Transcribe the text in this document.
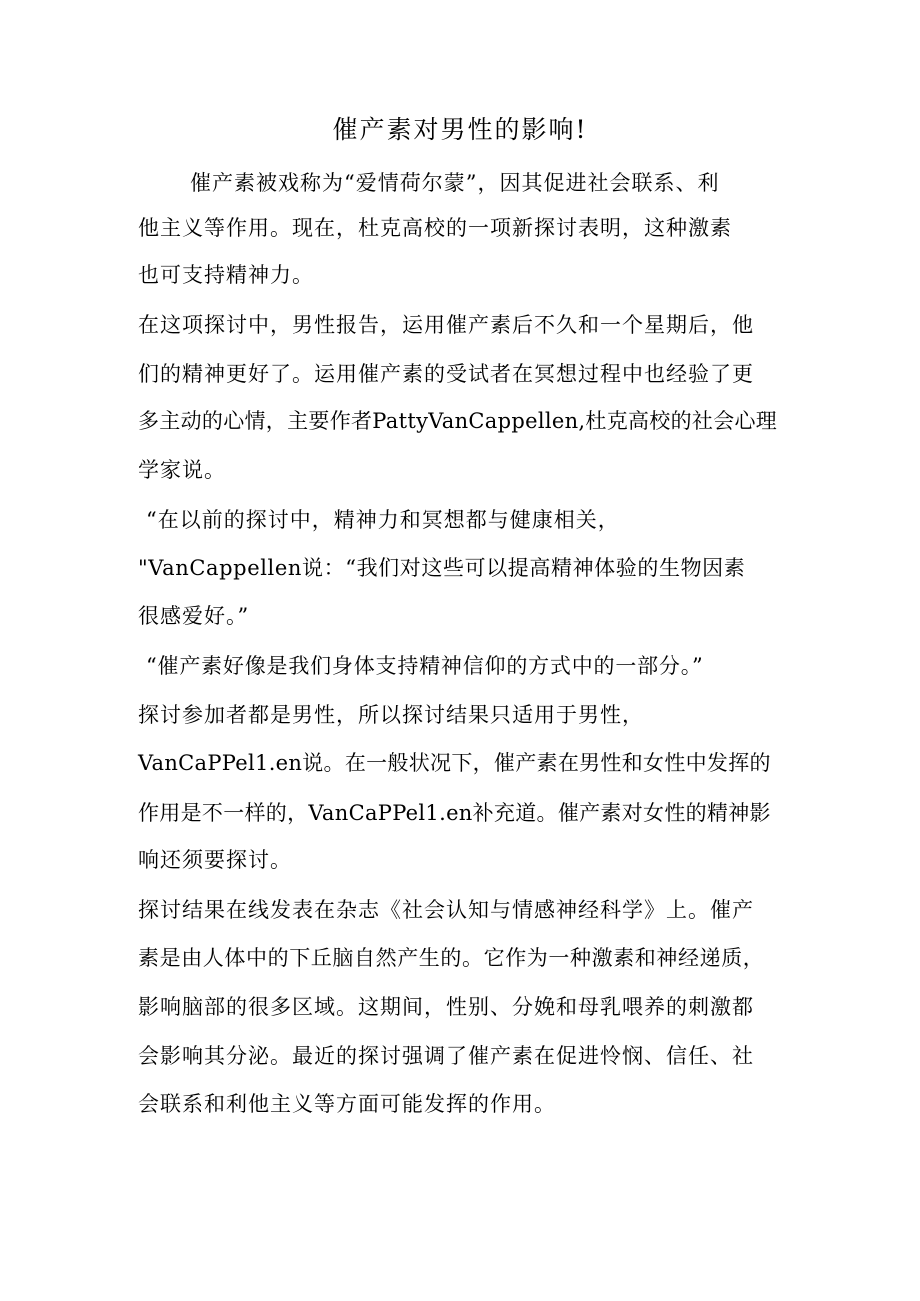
催产素对男性的影响!
催产素被戏称为“爱情荷尔蒙”，因其促进社会联系、利
他主义等作用。现在，杜克高校的一项新探讨表明，这种激素
也可支持精神力。
在这项探讨中，男性报告，运用催产素后不久和一个星期后，他
们的精神更好了。运用催产素的受试者在冥想过程中也经验了更
多主动的心情，主要作者PattyVanCappellen,杜克高校的社会心理
学家说。
“在以前的探讨中，精神力和冥想都与健康相关，
"VanCappellen说：“我们对这些可以提高精神体验的生物因素
很感爱好。”
“催产素好像是我们身体支持精神信仰的方式中的一部分。”
探讨参加者都是男性，所以探讨结果只适用于男性，
VanCaPPel1.en说。在一般状况下，催产素在男性和女性中发挥的
作用是不一样的，VanCaPPel1.en补充道。催产素对女性的精神影
响还须要探讨。
探讨结果在线发表在杂志《社会认知与情感神经科学》上。催产
素是由人体中的下丘脑自然产生的。它作为一种激素和神经递质，
影响脑部的很多区域。这期间，性别、分娩和母乳喂养的刺激都
会影响其分泌。最近的探讨强调了催产素在促进怜悯、信任、社
会联系和利他主义等方面可能发挥的作用。
